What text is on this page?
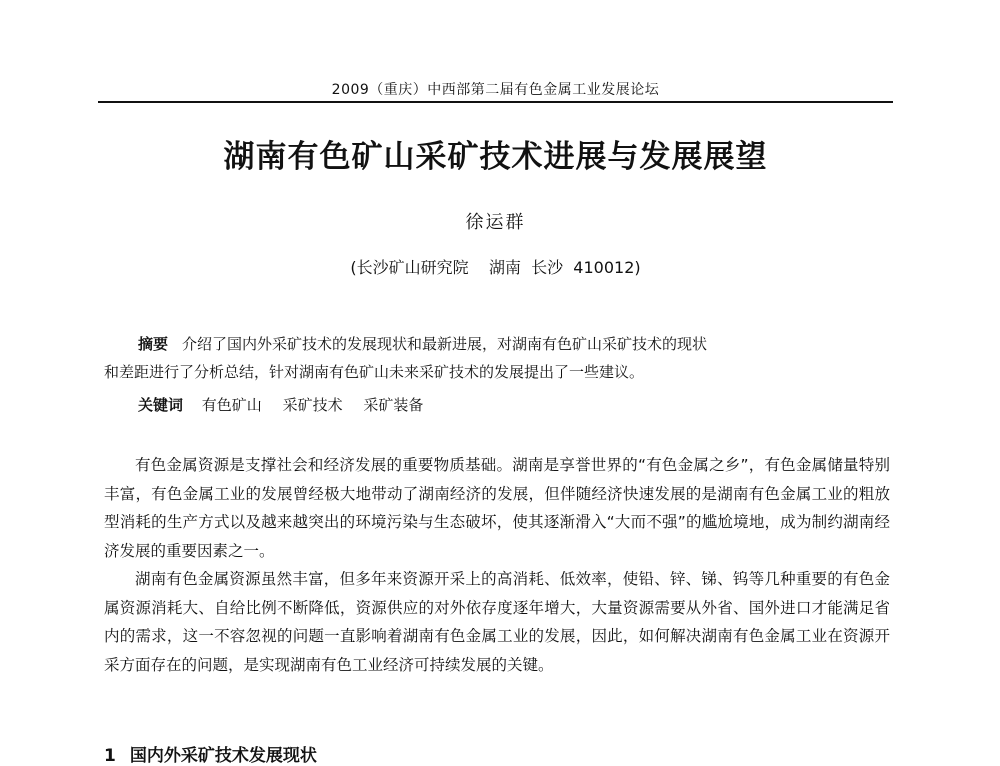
2009（重庆）中西部第二届有色金属工业发展论坛
湖南有色矿山采矿技术进展与发展展望
徐运群
(长沙矿山研究院    湖南  长沙  410012)
摘要 介绍了国内外采矿技术的发展现状和最新进展，对湖南有色矿山采矿技术的现状
和差距进行了分析总结，针对湖南有色矿山未来采矿技术的发展提出了一些建议。
关键词 有色矿山 采矿技术 采矿装备

有色金属资源是支撑社会和经济发展的重要物质基础。湖南是享誉世界的“有色金属之乡”，有色金属储量特别丰富，有色金属工业的发展曾经极大地带动了湖南经济的发展，但伴随经济快速发展的是湖南有色金属工业的粗放型消耗的生产方式以及越来越突出的环境污染与生态破坏，使其逐渐滑入“大而不强”的尴尬境地，成为制约湖南经济发展的重要因素之一。

湖南有色金属资源虽然丰富，但多年来资源开采上的高消耗、低效率，使铅、锌、锑、钨等几种重要的有色金属资源消耗大、自给比例不断降低，资源供应的对外依存度逐年增大，大量资源需要从外省、国外进口才能满足省内的需求，这一不容忽视的问题一直影响着湖南有色金属工业的发展，因此，如何解决湖南有色金属工业在资源开采方面存在的问题，是实现湖南有色工业经济可持续发展的关键。

1 国内外采矿技术发展现状
